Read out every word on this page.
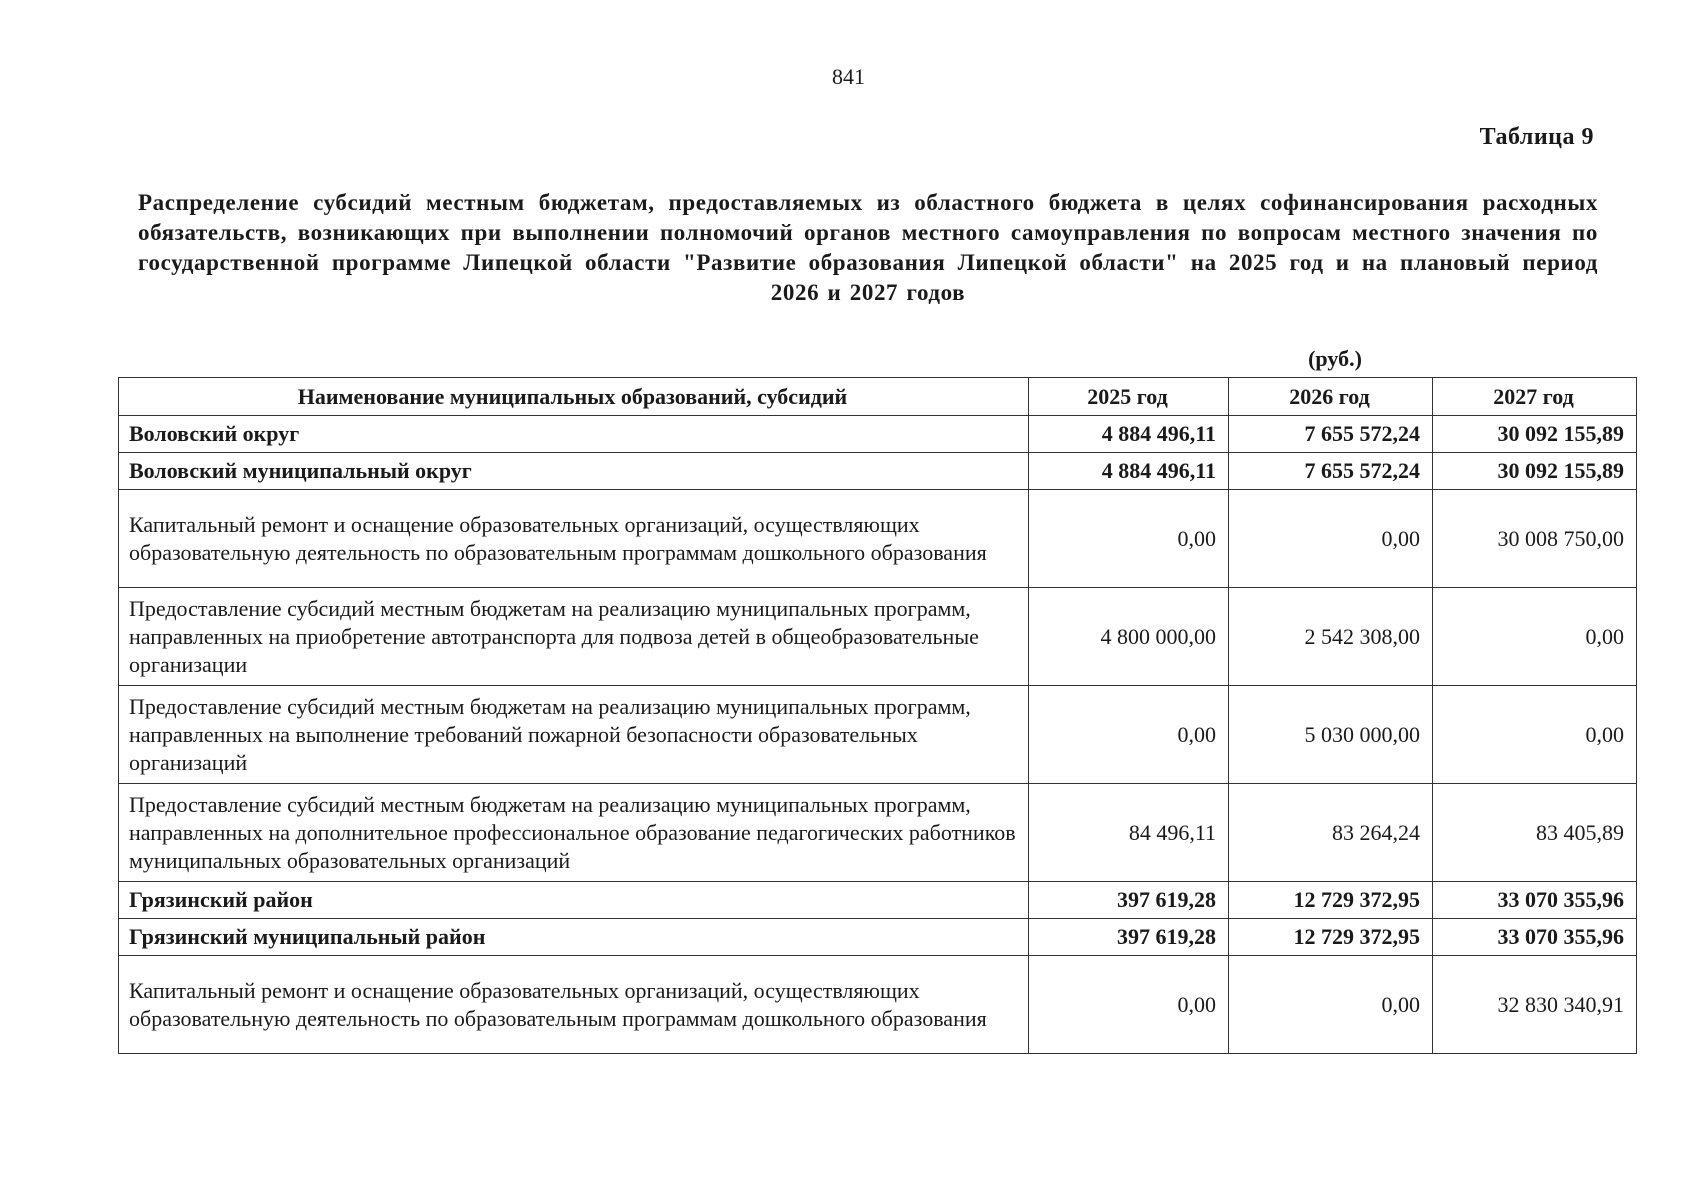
841
Таблица 9
Распределение субсидий местным бюджетам, предоставляемых из областного бюджета в целях софинансирования расходных обязательств, возникающих при выполнении полномочий органов местного самоуправления по вопросам местного значения по государственной программе Липецкой области "Развитие образования Липецкой области" на 2025 год и на плановый период 2026 и 2027 годов
(руб.)
Наименование муниципальных образований, субсидий	2025 год	2026 год	2027 год
Воловский округ	4 884 496,11	7 655 572,24	30 092 155,89
Воловский муниципальный округ	4 884 496,11	7 655 572,24	30 092 155,89
Капитальный ремонт и оснащение образовательных организаций, осуществляющих образовательную деятельность по образовательным программам дошкольного образования	0,00	0,00	30 008 750,00
Предоставление субсидий местным бюджетам на реализацию муниципальных программ, направленных на приобретение автотранспорта для подвоза детей в общеобразовательные организации	4 800 000,00	2 542 308,00	0,00
Предоставление субсидий местным бюджетам на реализацию муниципальных программ, направленных на выполнение требований пожарной безопасности образовательных организаций	0,00	5 030 000,00	0,00
Предоставление субсидий местным бюджетам на реализацию муниципальных программ, направленных на дополнительное профессиональное образование педагогических работников муниципальных образовательных организаций	84 496,11	83 264,24	83 405,89
Грязинский район	397 619,28	12 729 372,95	33 070 355,96
Грязинский муниципальный район	397 619,28	12 729 372,95	33 070 355,96
Капитальный ремонт и оснащение образовательных организаций, осуществляющих образовательную деятельность по образовательным программам дошкольного образования	0,00	0,00	32 830 340,91
